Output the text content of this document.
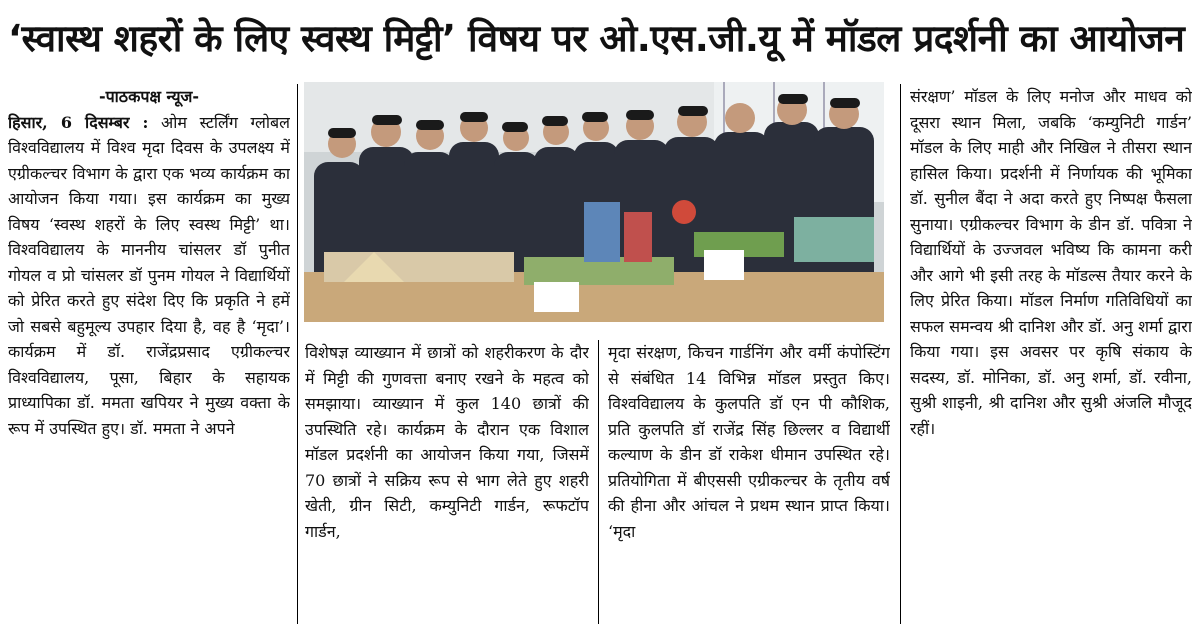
‘स्वास्थ शहरों के लिए स्वस्थ मिट्टी’ विषय पर ओ.एस.जी.यू में मॉडल प्रदर्शनी का आयोजन

-पाठकपक्ष न्यूज-

हिसार, 6 दिसम्बर : ओम स्टर्लिंग ग्लोबल विश्वविद्यालय में विश्व मृदा दिवस के उपलक्ष्य में एग्रीकल्चर विभाग के द्वारा एक भव्य कार्यक्रम का आयोजन किया गया। इस कार्यक्रम का मुख्य विषय ‘स्वस्थ शहरों के लिए स्वस्थ मिट्टी’ था। विश्वविद्यालय के माननीय चांसलर डॉ पुनीत गोयल व प्रो चांसलर डॉ पुनम गोयल ने विद्यार्थियों को प्रेरित करते हुए संदेश दिए कि प्रकृति ने हमें जो सबसे बहुमूल्य उपहार दिया है, वह है ‘मृदा’। कार्यक्रम में डॉ. राजेंद्रप्रसाद एग्रीकल्चर विश्वविद्यालय, पूसा, बिहार के सहायक प्राध्यापिका डॉ. ममता खपियर ने मुख्य वक्ता के रूप में उपस्थित हुए। डॉ. ममता ने अपने

विशेषज्ञ व्याख्यान में छात्रों को शहरीकरण के दौर में मिट्टी की गुणवत्ता बनाए रखने के महत्व को समझाया। व्याख्यान में कुल 140 छात्रों की उपस्थिति रहे। कार्यक्रम के दौरान एक विशाल मॉडल प्रदर्शनी का आयोजन किया गया, जिसमें 70 छात्रों ने सक्रिय रूप से भाग लेते हुए शहरी खेती, ग्रीन सिटी, कम्युनिटी गार्डन, रूफटॉप गार्डन,

मृदा संरक्षण, किचन गार्डनिंग और वर्मी कंपोस्टिंग से संबंधित 14 विभिन्न मॉडल प्रस्तुत किए। विश्वविद्यालय के कुलपति डॉ एन पी कौशिक, प्रति कुलपति डॉ राजेंद्र सिंह छिल्लर व विद्यार्थी कल्याण के डीन डॉ राकेश धीमान उपस्थित रहे। प्रतियोगिता में बीएससी एग्रीकल्चर के तृतीय वर्ष की हीना और आंचल ने प्रथम स्थान प्राप्त किया। ‘मृदा

संरक्षण’ मॉडल के लिए मनोज और माधव को दूसरा स्थान मिला, जबकि ‘कम्युनिटी गार्डन’ मॉडल के लिए माही और निखिल ने तीसरा स्थान हासिल किया। प्रदर्शनी में निर्णायक की भूमिका डॉ. सुनील बैंदा ने अदा करते हुए निष्पक्ष फैसला सुनाया। एग्रीकल्चर विभाग के डीन डॉ. पवित्रा ने विद्यार्थियों के उज्जवल भविष्य कि कामना करी और आगे भी इसी तरह के मॉडल्स तैयार करने के लिए प्रेरित किया। मॉडल निर्माण गतिविधियों का सफल समन्वय श्री दानिश और डॉ. अनु शर्मा द्वारा किया गया। इस अवसर पर कृषि संकाय के सदस्य, डॉ. मोनिका, डॉ. अनु शर्मा, डॉ. रवीना, सुश्री शाइनी, श्री दानिश और सुश्री अंजलि मौजूद रहीं।
